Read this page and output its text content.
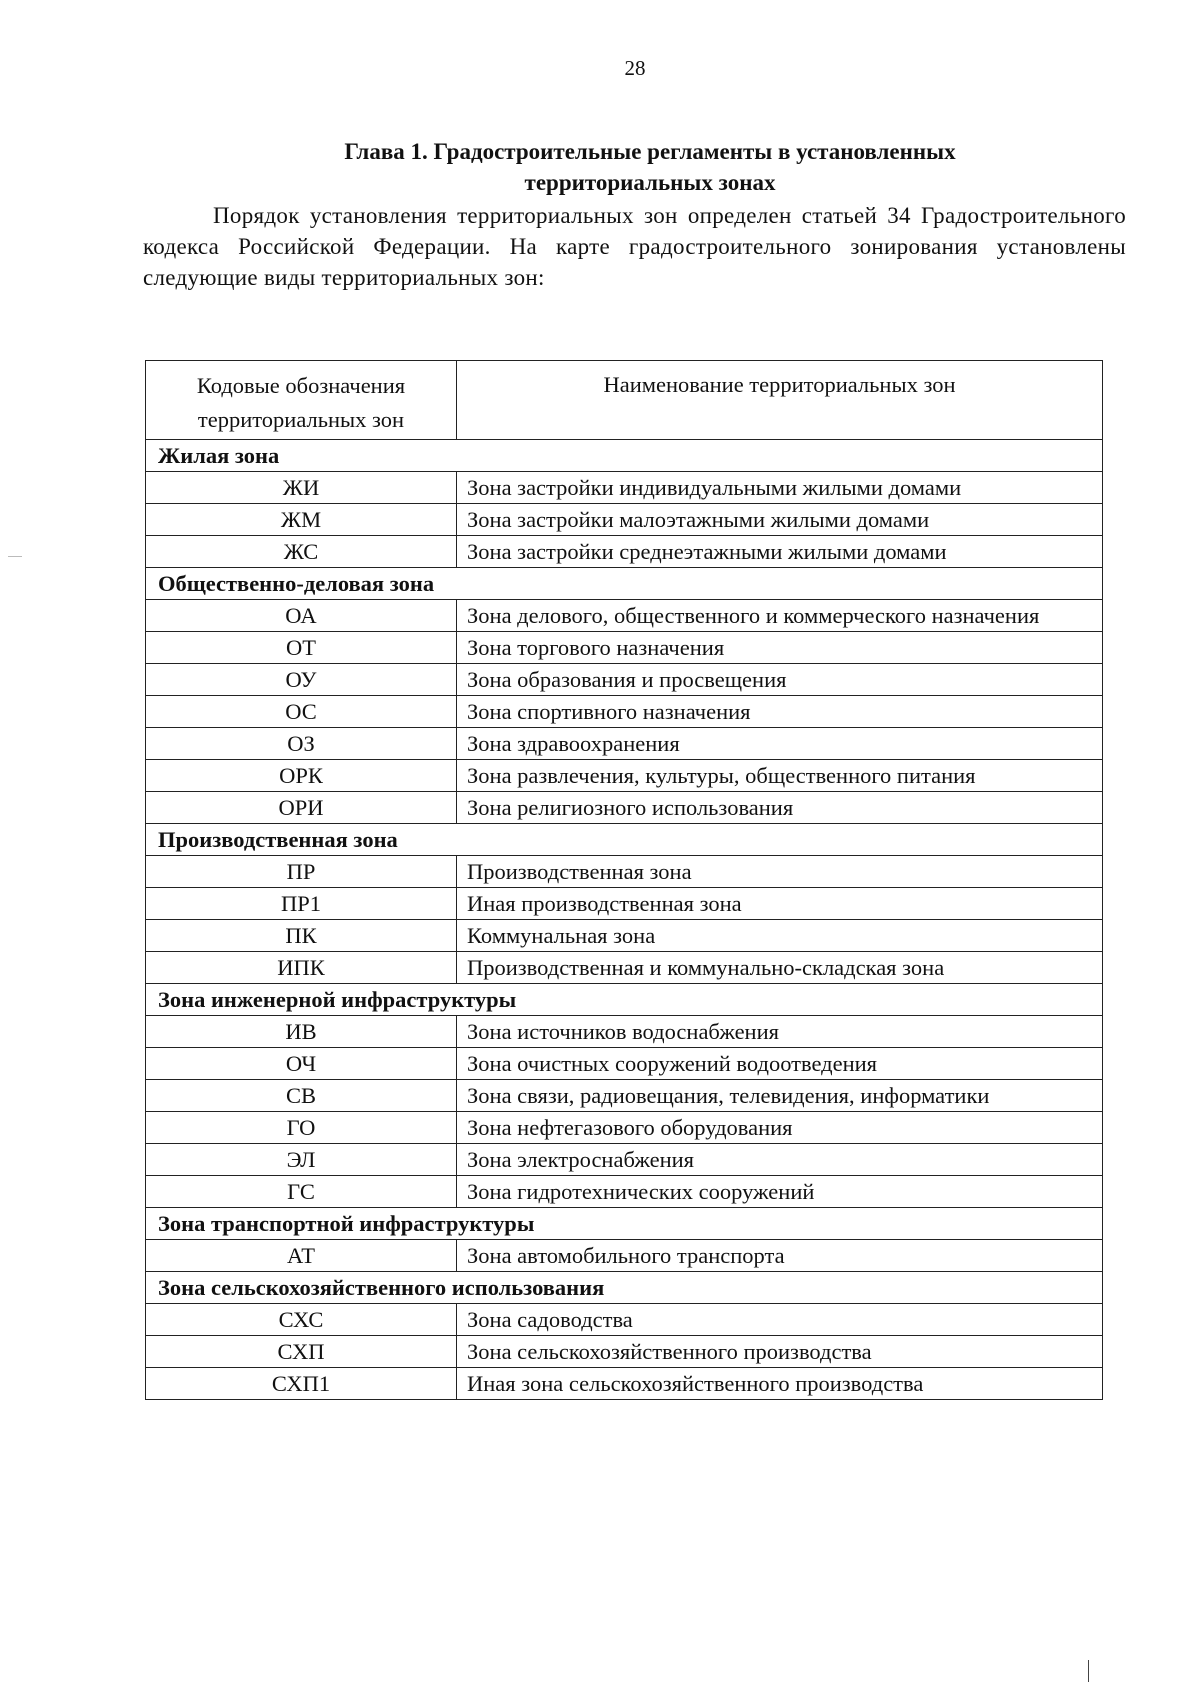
28
Глава 1. Градостроительные регламенты в установленных
территориальных зонах
Порядок установления территориальных зон определен статьей 34 Градостроительного кодекса Российской Федерации. На карте градостроительного зонирования установлены следующие виды территориальных зон:
Кодовые обозначения территориальных зон	Наименование территориальных зон
Жилая зона	
ЖИ	Зона застройки индивидуальными жилыми домами
ЖМ	Зона застройки малоэтажными жилыми домами
ЖС	Зона застройки среднеэтажными жилыми домами
Общественно-деловая зона	
ОА	Зона делового, общественного и коммерческого назначения
ОТ	Зона торгового назначения
ОУ	Зона образования и просвещения
ОС	Зона спортивного назначения
ОЗ	Зона здравоохранения
ОРК	Зона развлечения, культуры, общественного питания
ОРИ	Зона религиозного использования
Производственная зона	
ПР	Производственная зона
ПР1	Иная производственная зона
ПК	Коммунальная зона
ИПК	Производственная и коммунально-складская зона
Зона инженерной инфраструктуры	
ИВ	Зона источников водоснабжения
ОЧ	Зона очистных сооружений водоотведения
СВ	Зона связи, радиовещания, телевидения, информатики
ГО	Зона нефтегазового оборудования
ЭЛ	Зона электроснабжения
ГС	Зона гидротехнических сооружений
Зона транспортной инфраструктуры	
АТ	Зона автомобильного транспорта
Зона сельскохозяйственного использования	
СХС	Зона садоводства
СХП	Зона сельскохозяйственного производства
СХП1	Иная зона сельскохозяйственного производства
